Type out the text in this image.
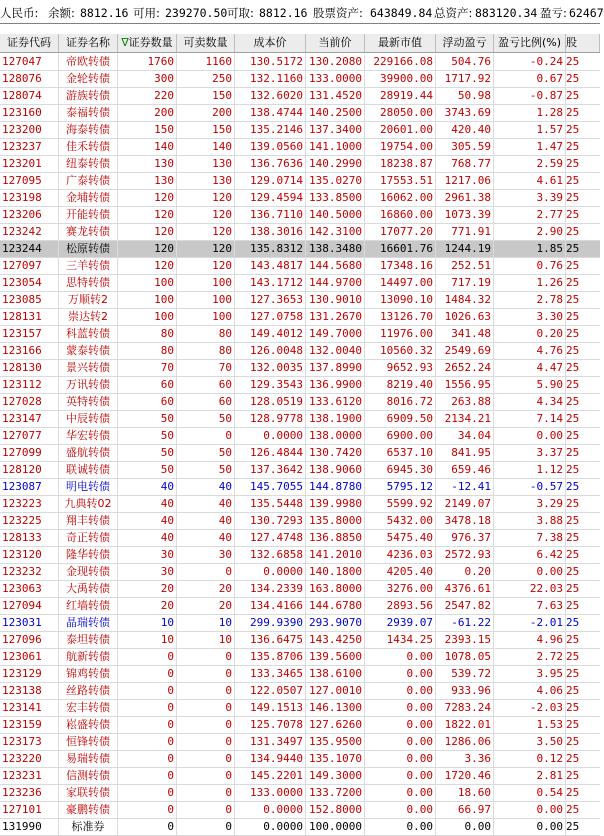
人民币: 余额: 8812.16 可用: 239270.50 可取: 8812.16 股票资产: 643849.84 总资产: 883120.34 盈亏: 62467
证券代码	证券名称	∇证券数量 可卖数量	成本价	当前价	最新市值	浮动盈亏	盈亏比例(%) 股
127047	帝欧转债	1760	1160	130.5172 130.2080	229166.08	504.76	-0.24 25
128076	金轮转债	300	250	132.1160 133.0000	39900.00	1717.92	0.67 25
128074	游族转债	220	150	132.6020 131.4520	28919.44	50.98	-0.87 25
123160	泰福转债	200	200	138.4744 140.2500	28050.00	3743.69	1.28 25
123200	海泰转债	150	150	135.2146 137.3400	20601.00	420.40	1.57 25
123237	佳禾转债	140	140	139.0560 141.1000	19754.00	305.59	1.47 25
123201	纽泰转债	130	130	136.7636 140.2990	18238.87	768.77	2.59 25
127095	广泰转债	130	130	129.0714 135.0270	17553.51	1217.06	4.61 25
123198	金埔转债	120	120	129.4594 133.8500	16062.00	2961.38	3.39 25
123206	开能转债	120	120	136.7110 140.5000	16860.00	1073.39	2.77 25
123242	赛龙转债	120	120	138.3016 142.3100	17077.20	771.91	2.90 25
123244	松原转债	120	120	135.8312 138.3480	16601.76	1244.19	1.85 25
127097	三羊转债	120	120	143.4817 144.5680	17348.16	252.51	0.76 25
123054	思特转债	100	100	143.1712 144.9700	14497.00	717.19	1.26 25
123085	万顺转2	100	100	127.3653 130.9010	13090.10	1484.32	2.78 25
128131	崇达转2	100	100	127.0758 131.2670	13126.70	1026.63	3.30 25
123157	科蓝转债	80	80	149.4012 149.7000	11976.00	341.48	0.20 25
123166	蒙泰转债	80	80	126.0048 132.0040	10560.32	2549.69	4.76 25
128130	景兴转债	70	70	132.0035 137.8990	9652.93	2652.24	4.47 25
123112	万讯转债	60	60	129.3543 136.9900	8219.40	1556.95	5.90 25
127028	英特转债	60	60	128.0519 133.6120	8016.72	263.88	4.34 25
123147	中辰转债	50	50	128.9778 138.1900	6909.50	2134.21	7.14 25
127077	华宏转债	50	0	0.0000 138.0000	6900.00	34.04	0.00 25
127099	盛航转债	50	50	126.4844 130.7420	6537.10	841.95	3.37 25
128120	联诚转债	50	50	137.3642 138.9060	6945.30	659.46	1.12 25
123087	明电转债	40	40	145.7055 144.8780	5795.12	-12.41	-0.57 25
123223	九典转02	40	40	135.5448 139.9980	5599.92	2149.07	3.29 25
123225	翔丰转债	40	40	130.7293 135.8000	5432.00	3478.18	3.88 25
128133	奇正转债	40	40	127.4748 136.8850	5475.40	976.37	7.38 25
123120	隆华转债	30	30	132.6858 141.2010	4236.03	2572.93	6.42 25
123232	金现转债	30	0	0.0000 140.1800	4205.40	0.20	0.00 25
123063	大禹转债	20	20	134.2339 163.8000	3276.00	4376.61	22.03 25
127094	红墙转债	20	20	134.4166 144.6780	2893.56	2547.82	7.63 25
123031	晶瑞转债	10	10	299.9390 293.9070	2939.07	-61.22	-2.01 25
127096	泰坦转债	10	10	136.6475 143.4250	1434.25	2393.15	4.96 25
123061	航新转债	0	0	135.8706 139.5600	0.00	1078.05	2.72 25
123129	锦鸡转债	0	0	133.3465 138.6100	0.00	539.72	3.95 25
123138	丝路转债	0	0	122.0507 127.0010	0.00	933.96	4.06 25
123141	宏丰转债	0	0	149.1513 146.1300	0.00	7283.24	-2.03 25
123159	崧盛转债	0	0	125.7078 127.6260	0.00	1822.01	1.53 25
123173	恒锋转债	0	0	131.3497 135.9500	0.00	1286.06	3.50 25
123220	易瑞转债	0	0	134.9440 135.1070	0.00	3.36	0.12 25
123231	信测转债	0	0	145.2201 149.3000	0.00	1720.46	2.81 25
123236	家联转债	0	0	133.0000 133.7200	0.00	18.60	0.54 25
127101	豪鹏转债	0	0	0.0000 152.8000	0.00	66.97	0.00 25
131990	标准券	0	0	0.0000 100.0000	0.00	0.00	0.00 25
